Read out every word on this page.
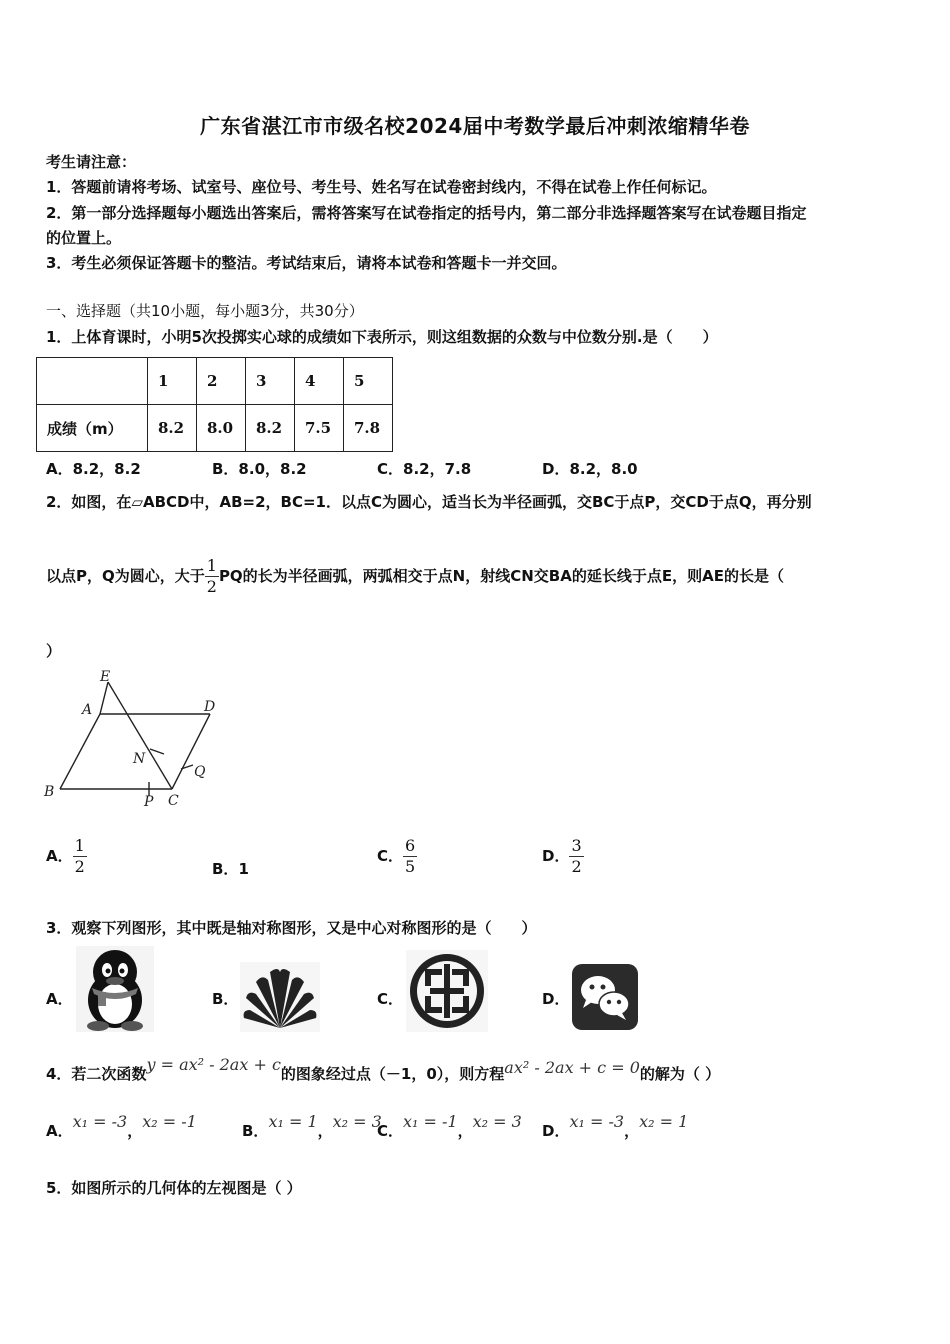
广东省湛江市市级名校2024届中考数学最后冲刺浓缩精华卷
考生请注意：
1．答题前请将考场、试室号、座位号、考生号、姓名写在试卷密封线内，不得在试卷上作任何标记。
2．第一部分选择题每小题选出答案后，需将答案写在试卷指定的括号内，第二部分非选择题答案写在试卷题目指定
的位置上。
3．考生必须保证答题卡的整洁。考试结束后，请将本试卷和答题卡一并交回。
一、选择题（共10小题，每小题3分，共30分）
1．上体育课时，小明5次投掷实心球的成绩如下表所示，则这组数据的众数与中位数分别.是（　　）
	1	2	3	4	5
成绩（m）	8.2	8.0	8.2	7.5	7.8
A．8.2，8.2	B．8.0，8.2	C．8.2，7.8	D．8.2，8.0
2．如图，在▱ABCD中，AB=2，BC=1．以点C为圆心，适当长为半径画弧，交BC于点P，交CD于点Q，再分别
以点P，Q为圆心，大于 $\frac{1}{2}$ PQ的长为半径画弧，两弧相交于点N，射线CN交BA的延长线于点E，则AE的长是（
）
E
A	D
N
Q
B
P C
A． $\frac{1}{2}$	B．1
C． $\frac{6}{5}$	D． $\frac{3}{2}$
3．观察下列图形，其中既是轴对称图形，又是中心对称图形的是（　　）
A．	B．	C．	D．
4．若二次函数y = ax² - 2ax + c的图象经过点（－1，0），则方程ax² - 2ax + c = 0的解为（ ）
A．x₁ = -3，x₂ = -1	B．x₁ = 1，x₂ = 3
C．x₁ = -1，x₂ = 3 D．x₁ = -3，x₂ = 1
5．如图所示的几何体的左视图是（ ）
